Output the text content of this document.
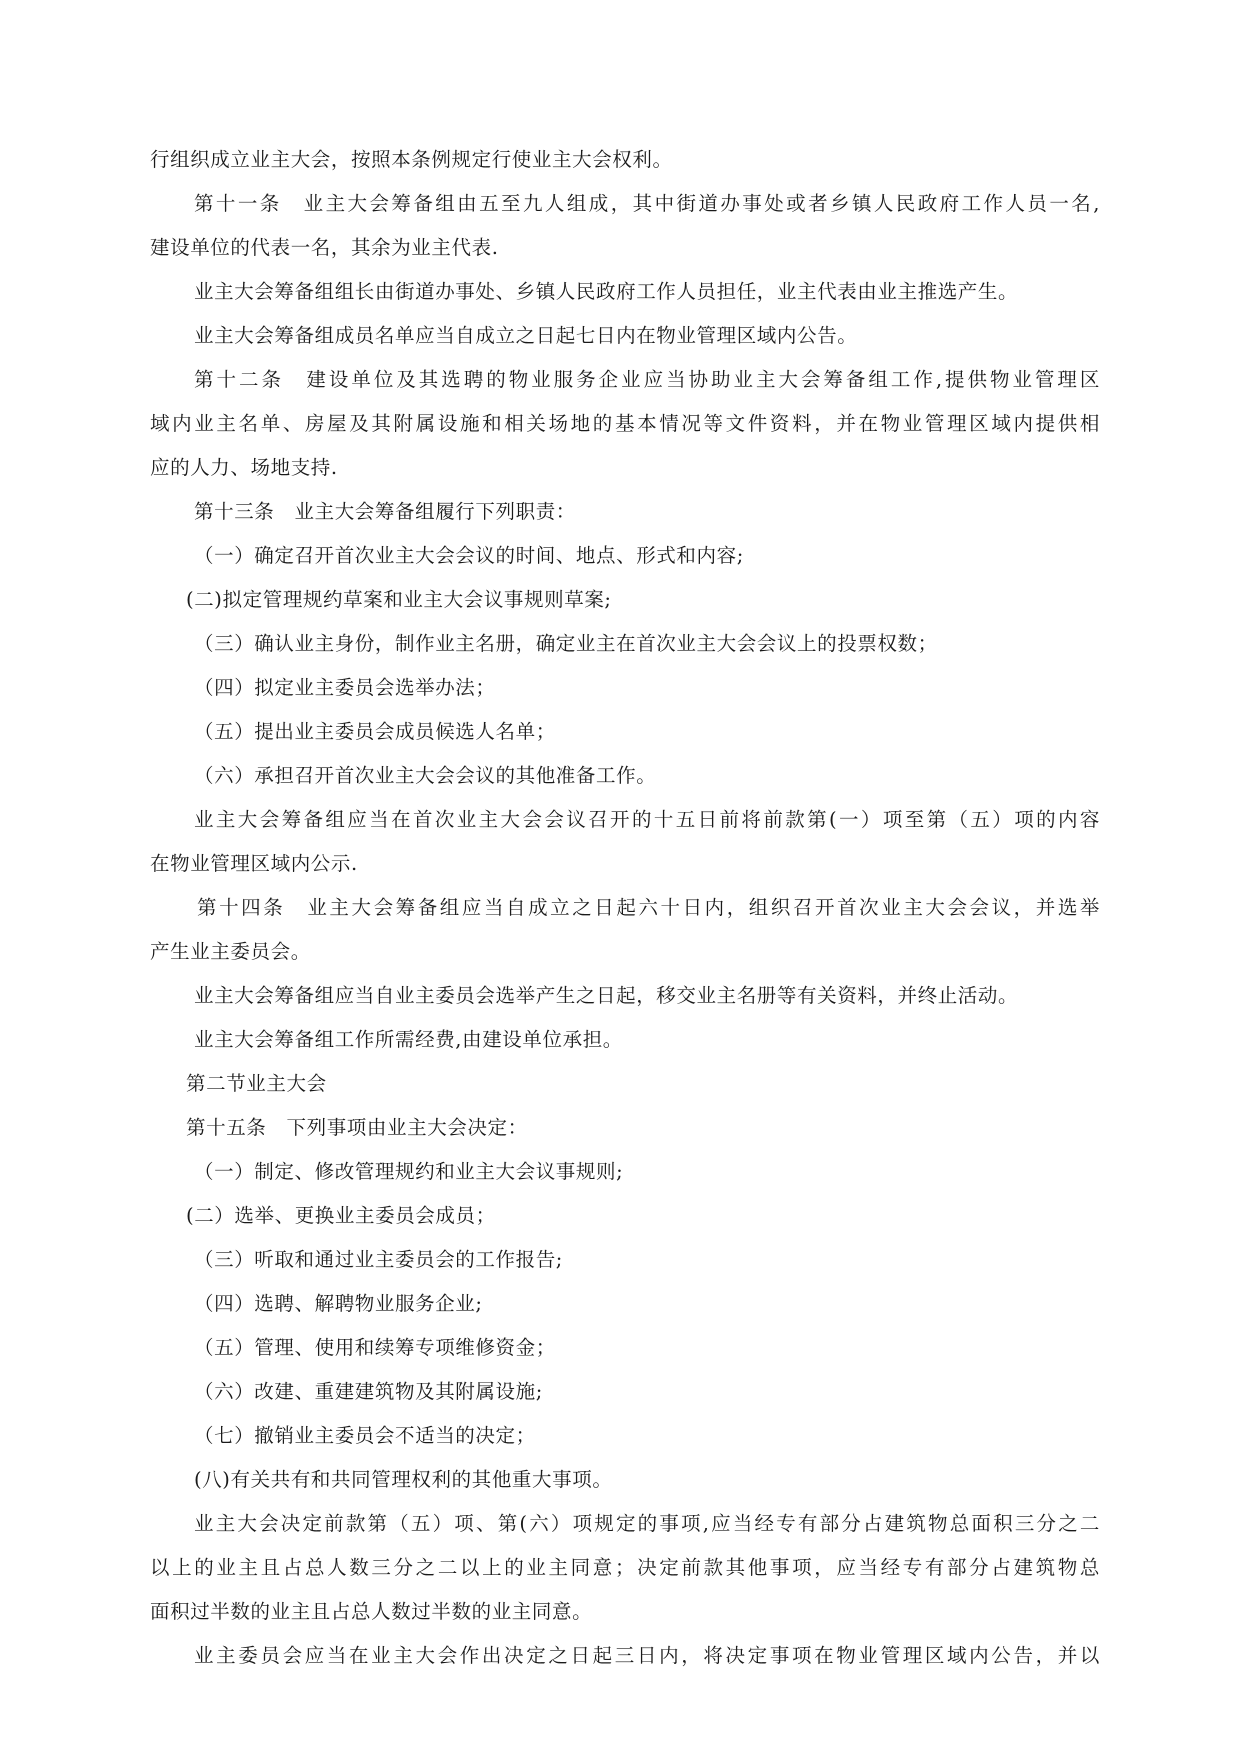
行组织成立业主大会，按照本条例规定行使业主大会权利。
第十一条　业主大会筹备组由五至九人组成，其中街道办事处或者乡镇人民政府工作人员一名,
建设单位的代表一名，其余为业主代表.
业主大会筹备组组长由街道办事处、乡镇人民政府工作人员担任，业主代表由业主推选产生。
业主大会筹备组成员名单应当自成立之日起七日内在物业管理区域内公告。
第十二条　建设单位及其选聘的物业服务企业应当协助业主大会筹备组工作,提供物业管理区
域内业主名单、房屋及其附属设施和相关场地的基本情况等文件资料，并在物业管理区域内提供相
应的人力、场地支持.
第十三条　业主大会筹备组履行下列职责：
（一）确定召开首次业主大会会议的时间、地点、形式和内容;
(二)拟定管理规约草案和业主大会议事规则草案;
（三）确认业主身份，制作业主名册，确定业主在首次业主大会会议上的投票权数；
（四）拟定业主委员会选举办法；
（五）提出业主委员会成员候选人名单；
（六）承担召开首次业主大会会议的其他准备工作。
业主大会筹备组应当在首次业主大会会议召开的十五日前将前款第(一）项至第（五）项的内容
在物业管理区域内公示.
第十四条　业主大会筹备组应当自成立之日起六十日内，组织召开首次业主大会会议，并选举
产生业主委员会。
业主大会筹备组应当自业主委员会选举产生之日起，移交业主名册等有关资料，并终止活动。
业主大会筹备组工作所需经费,由建设单位承担。
第二节业主大会
第十五条　下列事项由业主大会决定：
（一）制定、修改管理规约和业主大会议事规则;
(二）选举、更换业主委员会成员；
（三）听取和通过业主委员会的工作报告;
（四）选聘、解聘物业服务企业;
（五）管理、使用和续筹专项维修资金；
（六）改建、重建建筑物及其附属设施;
（七）撤销业主委员会不适当的决定；
(八)有关共有和共同管理权利的其他重大事项。
业主大会决定前款第（五）项、第(六）项规定的事项,应当经专有部分占建筑物总面积三分之二
以上的业主且占总人数三分之二以上的业主同意；决定前款其他事项，应当经专有部分占建筑物总
面积过半数的业主且占总人数过半数的业主同意。
业主委员会应当在业主大会作出决定之日起三日内，将决定事项在物业管理区域内公告，并以
